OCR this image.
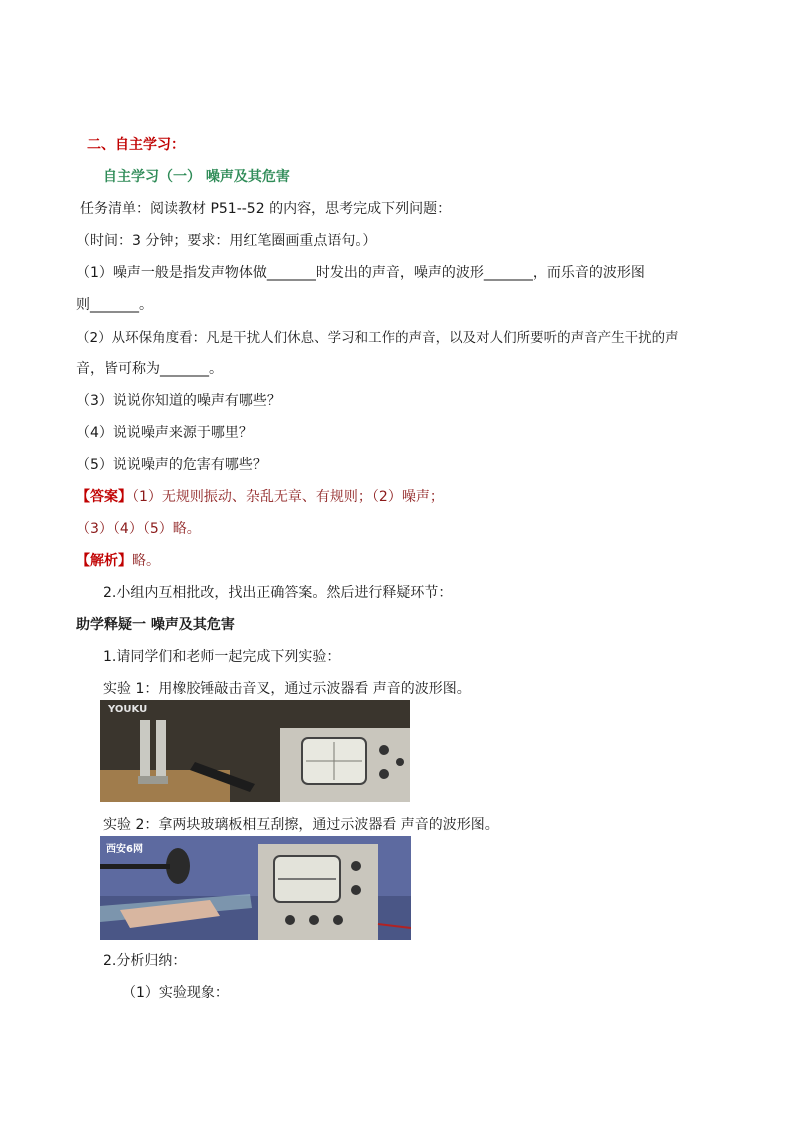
二、自主学习：
自主学习（一） 噪声及其危害
任务清单：阅读教材 P51--52 的内容，思考完成下列问题：
（时间：3 分钟；要求：用红笔圈画重点语句。）
（1）噪声一般是指发声物体做_______时发出的声音，噪声的波形_______，而乐音的波形图
则_______。
（2）从环保角度看：凡是干扰人们休息、学习和工作的声音，以及对人们所要听的声音产生干扰的声
音，皆可称为_______。
（3）说说你知道的噪声有哪些？
（4）说说噪声来源于哪里？
（5）说说噪声的危害有哪些？
【答案】（1）无规则振动、杂乱无章、有规则；（2）噪声；
（3）（4）（5）略。
【解析】略。
2.小组内互相批改，找出正确答案。然后进行释疑环节：
助学释疑一 噪声及其危害
1.请同学们和老师一起完成下列实验：
实验 1：用橡胶锤敲击音叉，通过示波器看 声音的波形图。
YOUKU
实验 2：拿两块玻璃板相互刮擦，通过示波器看 声音的波形图。
西安6网
2.分析归纳：
（1）实验现象：
